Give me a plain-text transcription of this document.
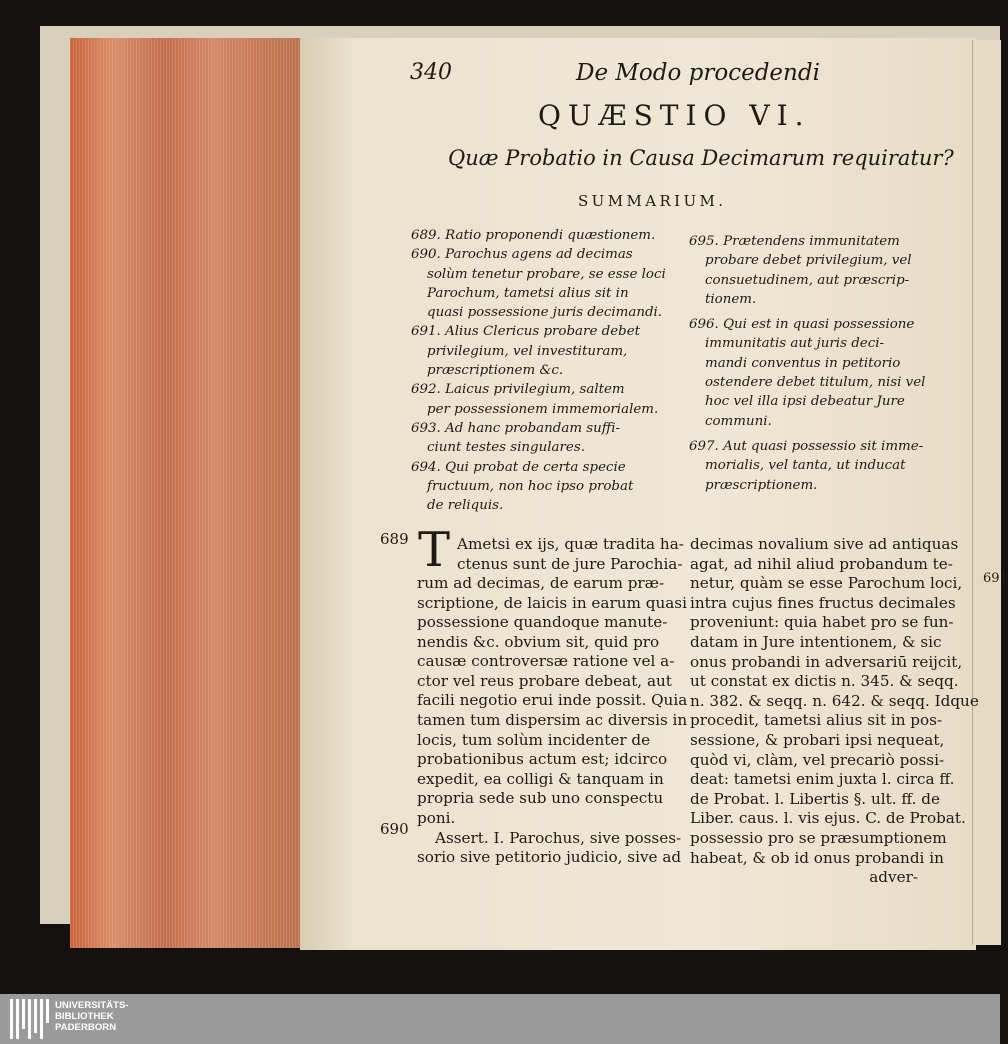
340	De Modo procedendi
QUÆSTIO VI.
Quæ Probatio in Causa Decimarum requiratur?
SUMMARIUM.

689. Ratio proponendi quæstionem.

690. Parochus agens ad decimas

solùm tenetur probare, se esse loci

Parochum, tametsi alius sit in

quasi possessione juris decimandi.

691. Alius Clericus probare debet

privilegium, vel investituram,

præscriptionem &c.

692. Laicus privilegium, saltem

per possessionem immemorialem.

693. Ad hanc probandam suffi-

ciunt testes singulares.

694. Qui probat de certa specie

fructuum, non hoc ipso probat

de reliquis.

695. Prætendens immunitatem

probare debet privilegium, vel

consuetudinem, aut præscrip-

tionem.

696. Qui est in quasi possessione

immunitatis aut juris deci-

mandi conventus in petitorio

ostendere debet titulum, nisi vel

hoc vel illa ipsi debeatur Jure

communi.

697. Aut quasi possessio sit imme-

morialis, vel tanta, ut inducat

præscriptionem.

689
690
T Ametsi ex ijs, quæ tradita ha-

ctenus sunt de jure Parochia-

rum ad decimas, de earum præ-

scriptione, de laicis in earum quasi

possessione quandoque manute-

nendis &c. obvium sit, quid pro

causæ controversæ ratione vel a-

ctor vel reus probare debeat, aut

facili negotio erui inde possit. Quia

tamen tum dispersim ac diversis in

locis, tum solùm incidenter de

probationibus actum est; idcirco

expedit, ea colligi & tanquam in

propria sede sub uno conspectu

poni.

Assert. I. Parochus, sive posses-

sorio sive petitorio judicio, sive ad

decimas novalium sive ad antiquas

agat, ad nihil aliud probandum te-

netur, quàm se esse Parochum loci,

intra cujus fines fructus decimales

proveniunt: quia habet pro se fun-

datam in Jure intentionem, & sic

onus probandi in adversariū reijcit,

ut constat ex dictis n. 345. & seqq.

n. 382. & seqq. n. 642. & seqq. Idque

procedit, tametsi alius sit in pos-

sessione, & probari ipsi nequeat,

quòd vi, clàm, vel precariò possi-

deat: tametsi enim juxta l. circa ff.

de Probat. l. Libertis §. ult. ff. de

Liber. caus. l. vis ejus. C. de Probat.

possessio pro se præsumptionem

habeat, & ob id onus probandi in

adver-

691
UNIVERSITÄTS-
BIBLIOTHEK
PADERBORN
